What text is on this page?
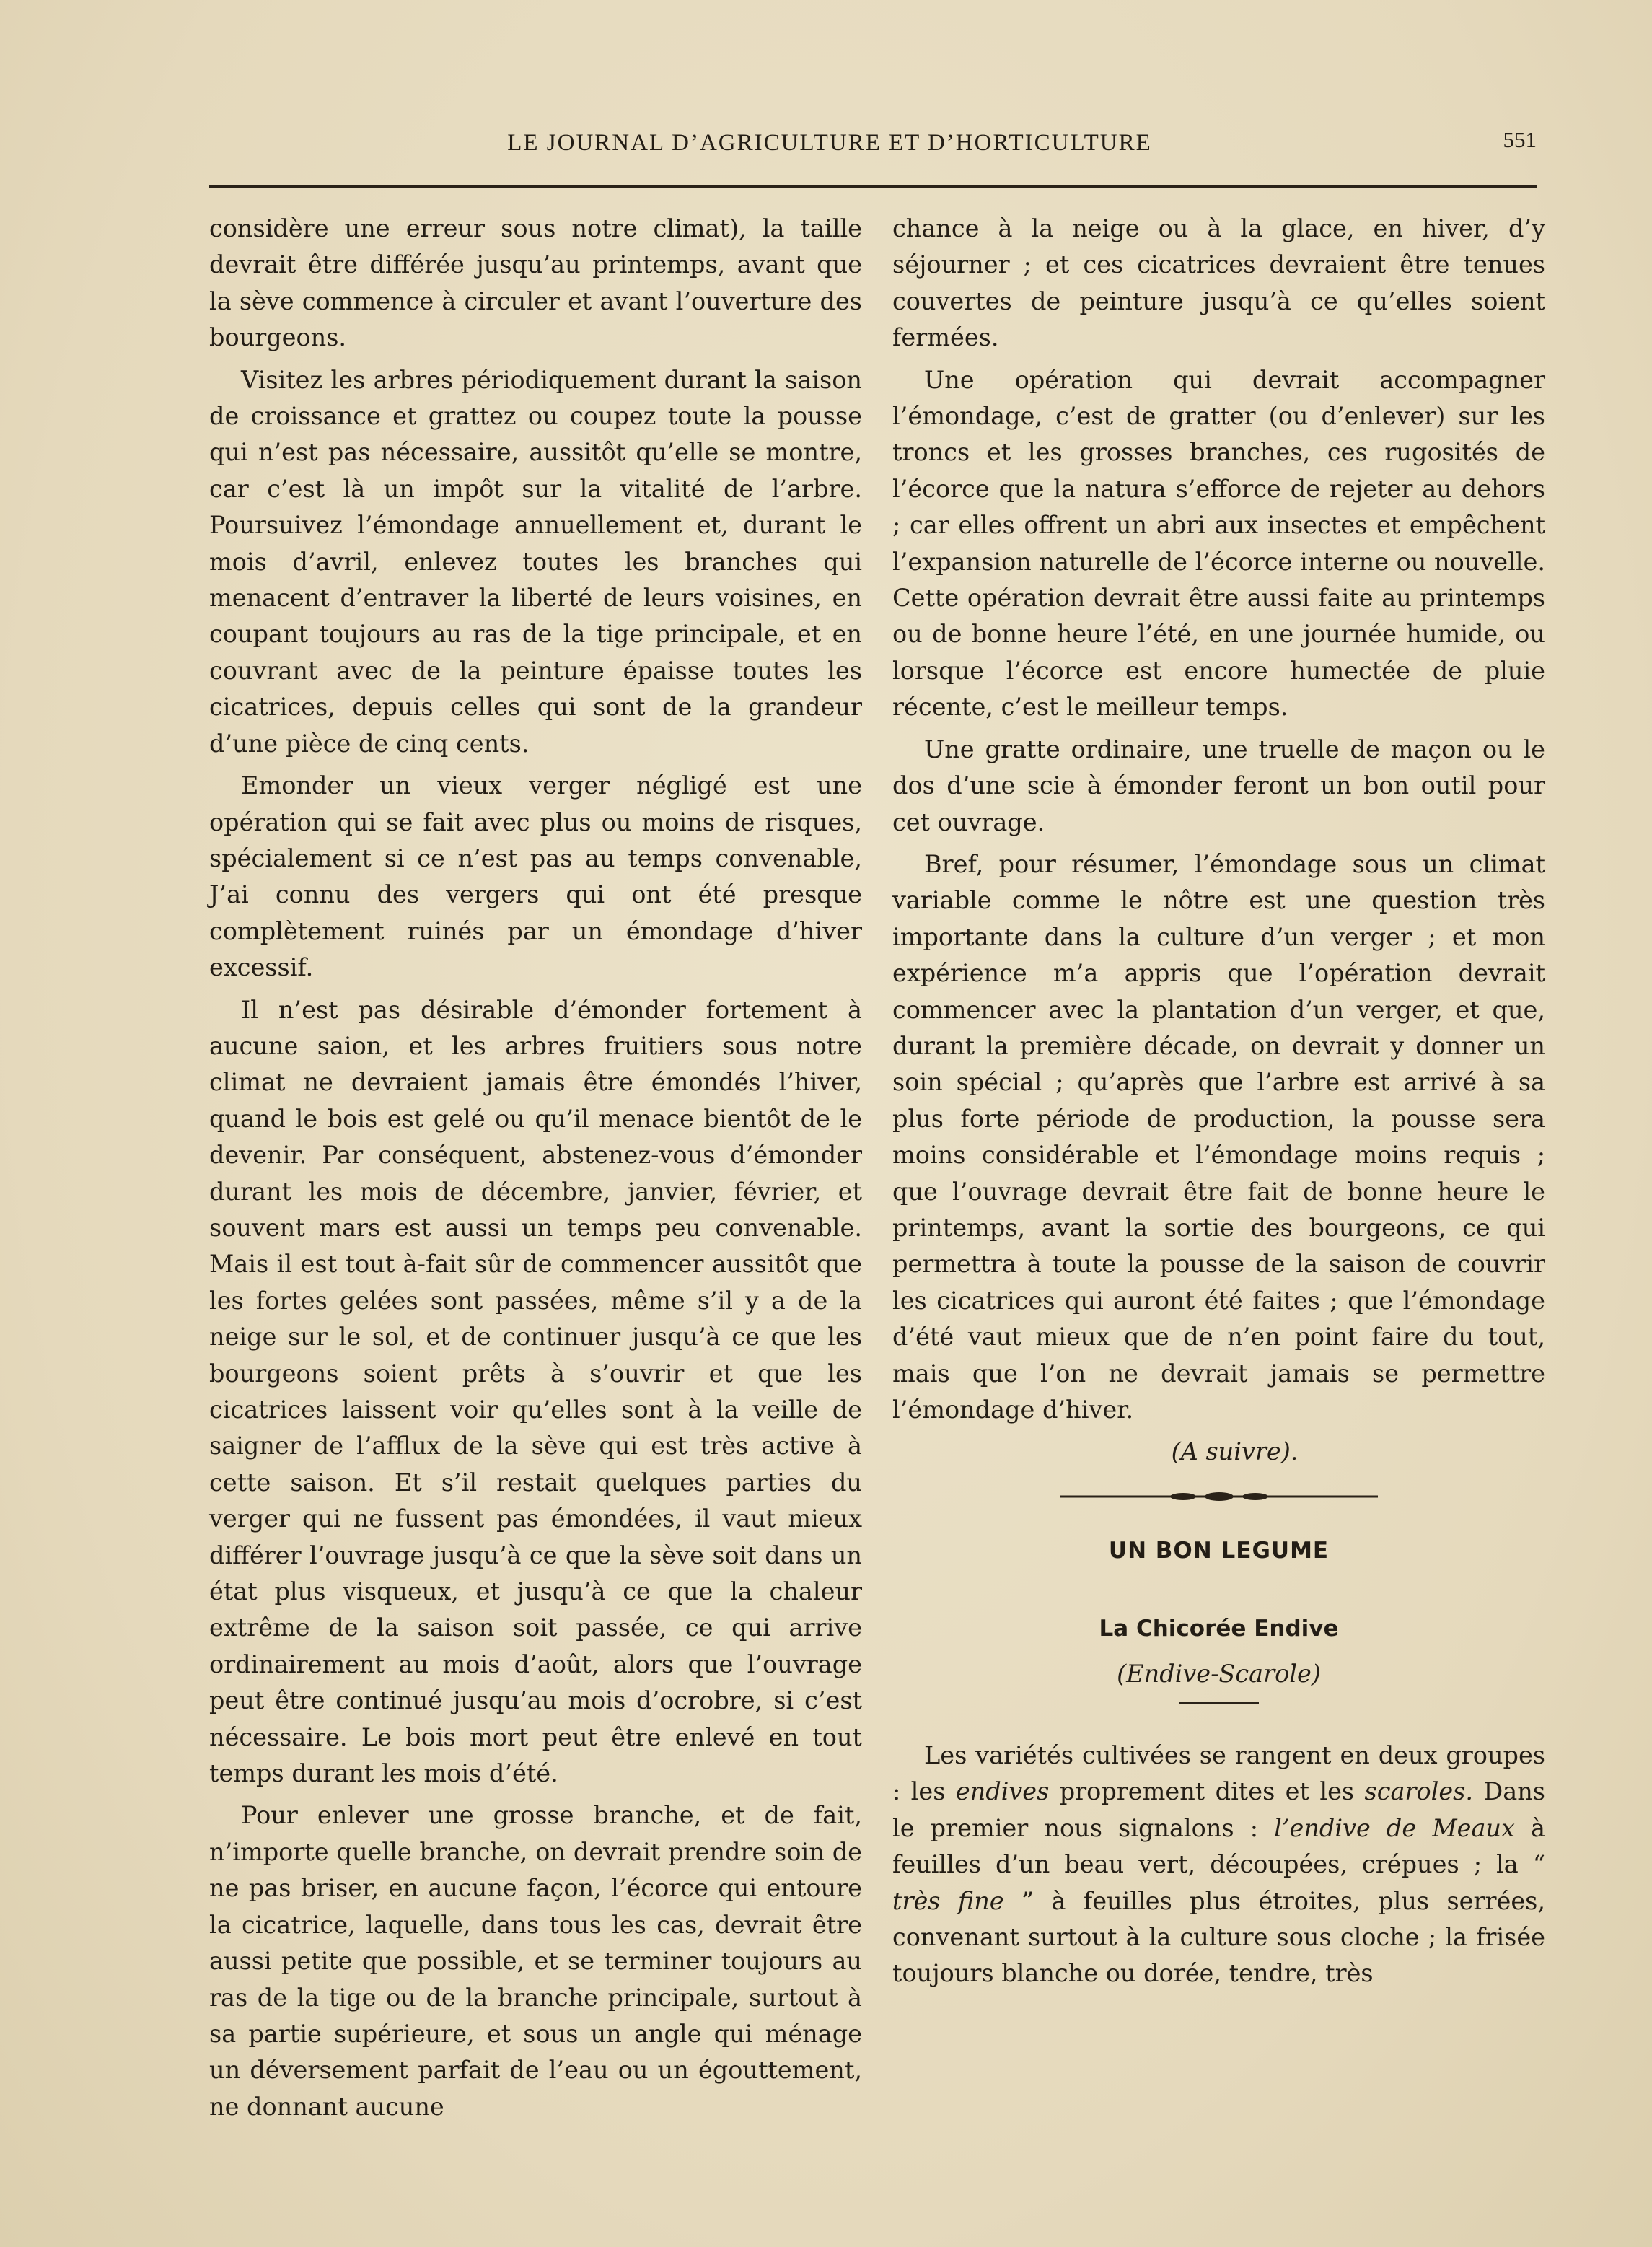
LE JOURNAL D’AGRICULTURE ET D’HORTICULTURE	551

considère une erreur sous notre climat), la taille devrait être différée jusqu’au printemps, avant que la sève commence à circuler et avant l’ouverture des bourgeons.

Visitez les arbres périodiquement durant la saison de croissance et grattez ou coupez toute la pousse qui n’est pas nécessaire, aussitôt qu’elle se montre, car c’est là un impôt sur la vitalité de l’arbre. Poursuivez l’émondage annuellement et, durant le mois d’avril, enlevez toutes les branches qui menacent d’entraver la liberté de leurs voisines, en coupant toujours au ras de la tige principale, et en couvrant avec de la peinture épaisse toutes les cicatrices, depuis celles qui sont de la grandeur d’une pièce de cinq cents.

Emonder un vieux verger négligé est une opération qui se fait avec plus ou moins de risques, spécialement si ce n’est pas au temps convenable, J’ai connu des vergers qui ont été presque complètement ruinés par un émondage d’hiver excessif.

Il n’est pas désirable d’émonder fortement à aucune saion, et les arbres fruitiers sous notre climat ne devraient jamais être émondés l’hiver, quand le bois est gelé ou qu’il menace bientôt de le devenir. Par conséquent, abstenez-vous d’émonder durant les mois de décembre, janvier, février, et souvent mars est aussi un temps peu convenable. Mais il est tout à-fait sûr de commencer aussitôt que les fortes gelées sont passées, même s’il y a de la neige sur le sol, et de continuer jusqu’à ce que les bourgeons soient prêts à s’ouvrir et que les cicatrices laissent voir qu’elles sont à la veille de saigner de l’afflux de la sève qui est très active à cette saison. Et s’il restait quelques parties du verger qui ne fussent pas émondées, il vaut mieux différer l’ouvrage jusqu’à ce que la sève soit dans un état plus visqueux, et jusqu’à ce que la chaleur extrême de la saison soit passée, ce qui arrive ordinairement au mois d’août, alors que l’ouvrage peut être continué jusqu’au mois d’ocrobre, si c’est nécessaire. Le bois mort peut être enlevé en tout temps durant les mois d’été.

Pour enlever une grosse branche, et de fait, n’importe quelle branche, on devrait prendre soin de ne pas briser, en aucune façon, l’écorce qui entoure la cicatrice, laquelle, dans tous les cas, devrait être aussi petite que possible, et se terminer toujours au ras de la tige ou de la branche principale, surtout à sa partie supérieure, et sous un angle qui ménage un déversement parfait de l’eau ou un égouttement, ne donnant aucune

chance à la neige ou à la glace, en hiver, d’y séjourner ; et ces cicatrices devraient être tenues couvertes de peinture jusqu’à ce qu’elles soient fermées.

Une opération qui devrait accompagner l’émondage, c’est de gratter (ou d’enlever) sur les troncs et les grosses branches, ces rugosités de l’écorce que la natura s’efforce de rejeter au dehors ; car elles offrent un abri aux insectes et empêchent l’expansion naturelle de l’écorce interne ou nouvelle. Cette opération devrait être aussi faite au printemps ou de bonne heure l’été, en une journée humide, ou lorsque l’écorce est encore humectée de pluie récente, c’est le meilleur temps.

Une gratte ordinaire, une truelle de maçon ou le dos d’une scie à émonder feront un bon outil pour cet ouvrage.

Bref, pour résumer, l’émondage sous un climat variable comme le nôtre est une question très importante dans la culture d’un verger ; et mon expérience m’a appris que l’opération devrait commencer avec la plantation d’un verger, et que, durant la première décade, on devrait y donner un soin spécial ; qu’après que l’arbre est arrivé à sa plus forte période de production, la pousse sera moins considérable et l’émondage moins requis ; que l’ouvrage devrait être fait de bonne heure le printemps, avant la sortie des bourgeons, ce qui permettra à toute la pousse de la saison de couvrir les cicatrices qui auront été faites ; que l’émondage d’été vaut mieux que de n’en point faire du tout, mais que l’on ne devrait jamais se permettre l’émondage d’hiver.

(A suivre).

UN BON LEGUME
La Chicorée Endive
(Endive-Scarole)

Les variétés cultivées se rangent en deux groupes : les endives proprement dites et les scaroles. Dans le premier nous signalons : l’endive de Meaux à feuilles d’un beau vert, découpées, crépues ; la “ très fine ” à feuilles plus étroites, plus serrées, convenant surtout à la culture sous cloche ; la frisée toujours blanche ou dorée, tendre, très
